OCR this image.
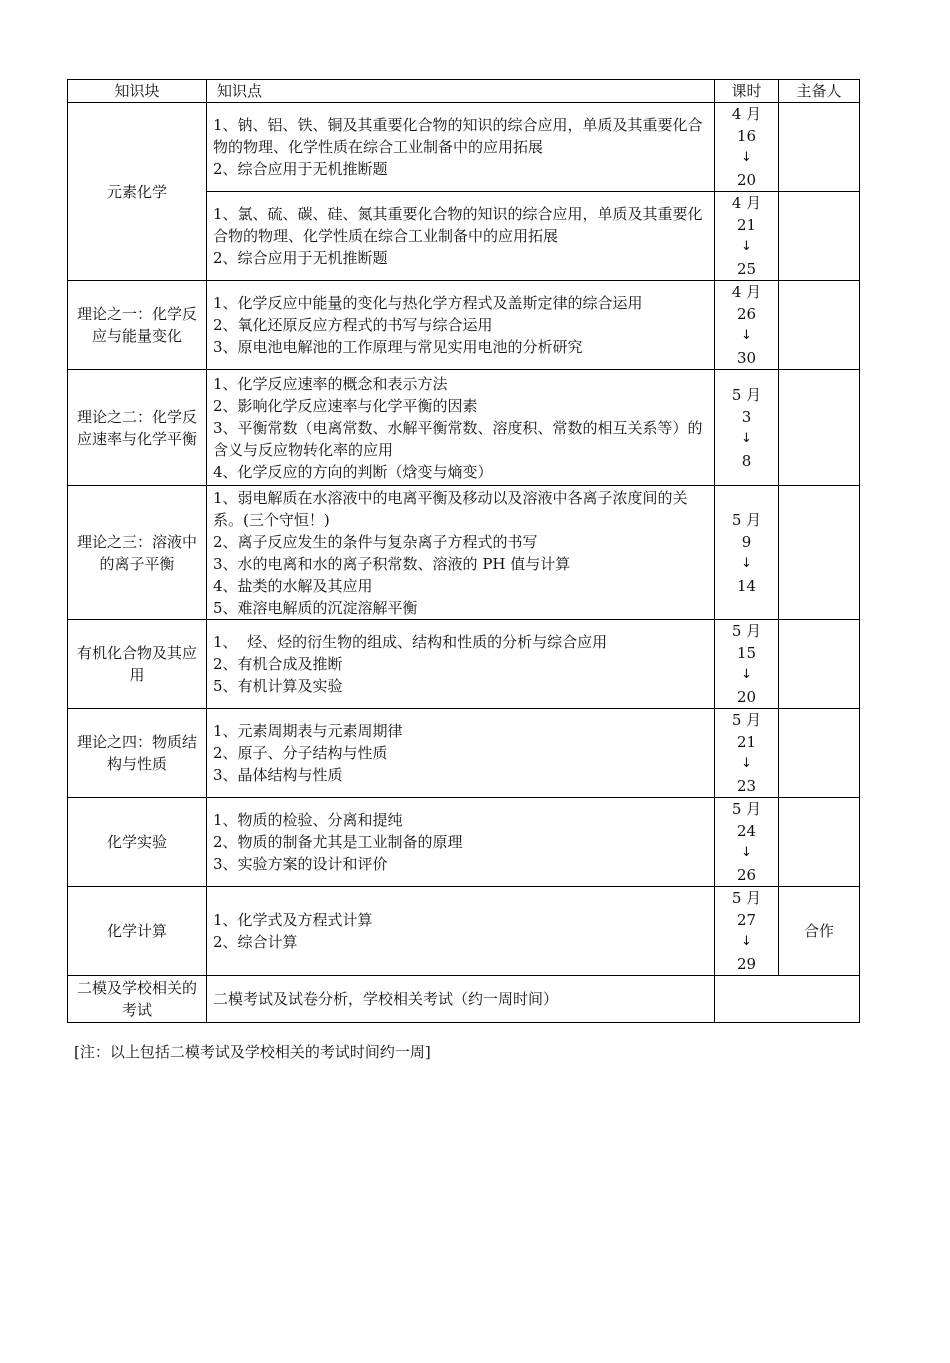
知识块	知识点	课时	主备人
元素化学	1、钠、铝、铁、铜及其重要化合物的知识的综合应用，单质及其重要化合物的物理、化学性质在综合工业制备中的应用拓展
2、综合应用于无机推断题	4 月
16
↓
20	

	1、氯、硫、碳、硅、氮其重要化合物的知识的综合应用，单质及其重要化合物的物理、化学性质在综合工业制备中的应用拓展
2、综合应用于无机推断题	4 月
21
↓
25	

理论之一：化学反应与能量变化	1、化学反应中能量的变化与热化学方程式及盖斯定律的综合运用
2、氧化还原反应方程式的书写与综合运用
3、原电池电解池的工作原理与常见实用电池的分析研究	4 月
26
↓
30	

理论之二：化学反应速率与化学平衡	1、化学反应速率的概念和表示方法
2、影响化学反应速率与化学平衡的因素
3、平衡常数（电离常数、水解平衡常数、溶度积、常数的相互关系等）的含义与反应物转化率的应用
4、化学反应的方向的判断（焓变与熵变）	5 月
3
↓
8	

理论之三：溶液中的离子平衡	1、弱电解质在水溶液中的电离平衡及移动以及溶液中各离子浓度间的关系。(三个守恒！)
2、离子反应发生的条件与复杂离子方程式的书写
3、水的电离和水的离子积常数、溶液的 PH 值与计算
4、盐类的水解及其应用
5、难溶电解质的沉淀溶解平衡	5 月
9
↓
14	

有机化合物及其应用	1、  烃、烃的衍生物的组成、结构和性质的分析与综合应用
2、有机合成及推断
5、有机计算及实验	5 月
15
↓
20	

理论之四：物质结构与性质	1、元素周期表与元素周期律
2、原子、分子结构与性质
3、晶体结构与性质	5 月
21
↓
23	

化学实验	1、物质的检验、分离和提纯
2、物质的制备尤其是工业制备的原理
3、实验方案的设计和评价	5 月
24
↓
26	

化学计算	1、化学式及方程式计算
2、综合计算	5 月
27
↓
29	合作
二模及学校相关的考试	二模考试及试卷分析，学校相关考试（约一周时间）		

[注：以上包括二模考试及学校相关的考试时间约一周]
